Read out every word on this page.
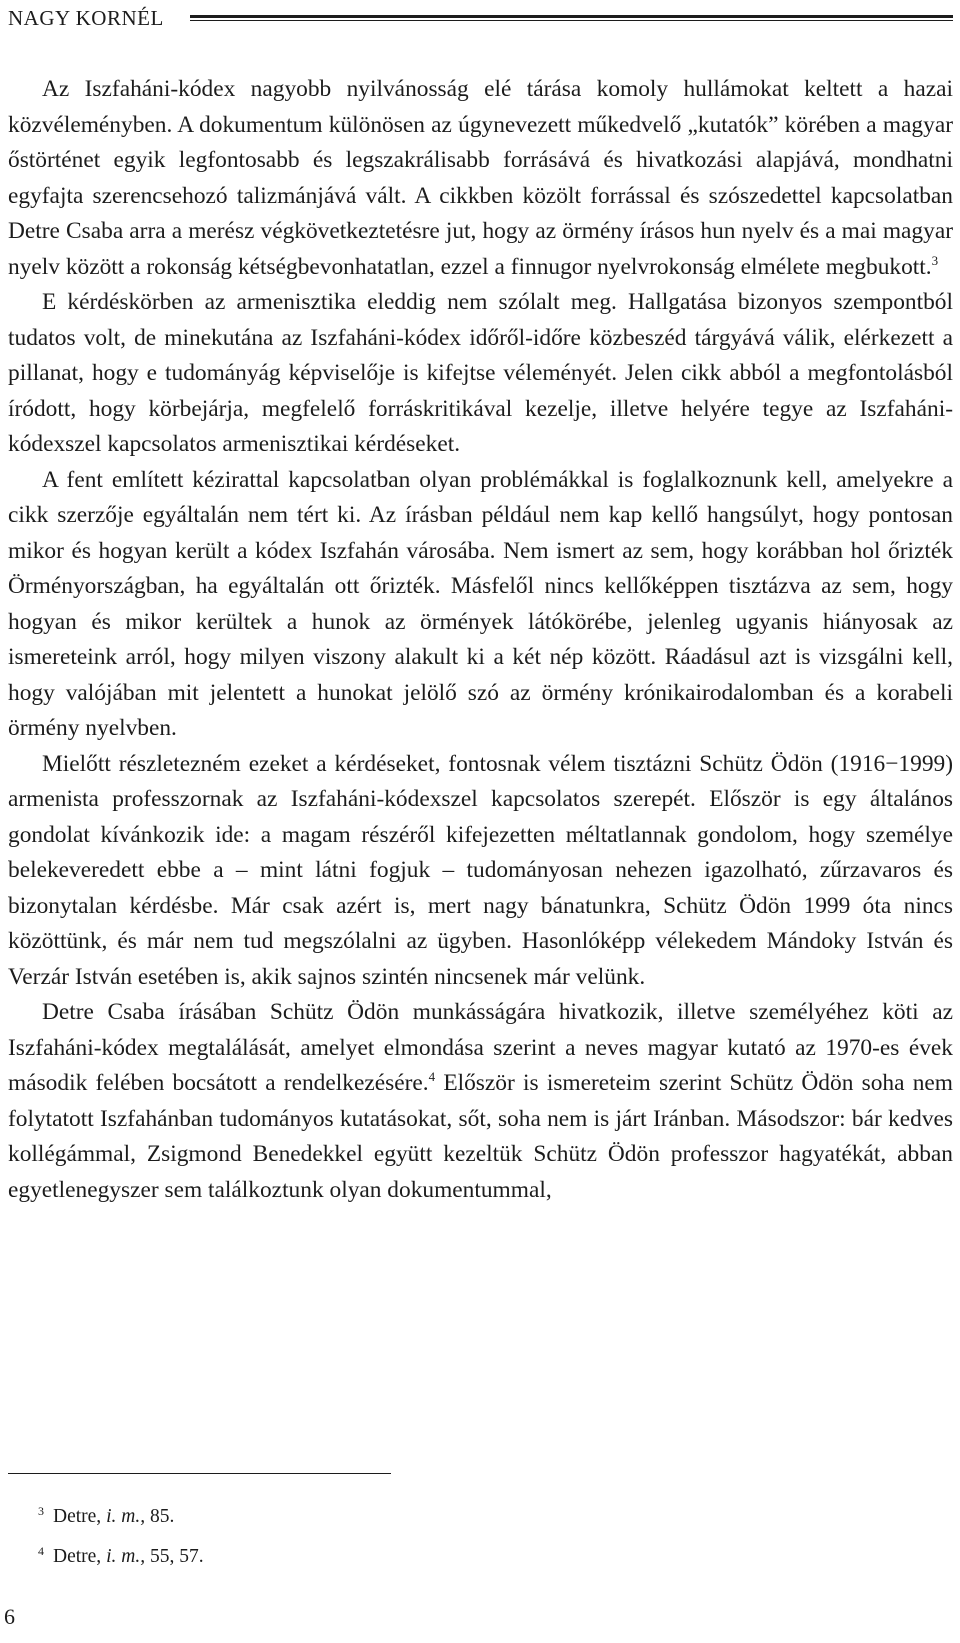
NAGY KORNÉL

Az Iszfaháni-kódex nagyobb nyilvánosság elé tárása komoly hullámokat keltett a hazai közvéleményben. A dokumentum különösen az úgynevezett műkedvelő „kutatók” körében a magyar őstörténet egyik legfontosabb és legszakrálisabb forrásává és hivatkozási alapjává, mondhatni egyfajta szerencsehozó talizmánjává vált. A cikkben közölt forrással és szószedettel kapcsolatban Detre Csaba arra a merész végkövetkeztetésre jut, hogy az örmény írásos hun nyelv és a mai magyar nyelv között a rokonság kétségbevonhatatlan, ezzel a finnugor nyelvrokonság elmélete megbukott.$^3$

E kérdéskörben az armenisztika eleddig nem szólalt meg. Hallgatása bizonyos szempontból tudatos volt, de minekutána az Iszfaháni-kódex időről-időre közbeszéd tárgyává válik, elérkezett a pillanat, hogy e tudományág képviselője is kifejtse véleményét. Jelen cikk abból a megfontolásból íródott, hogy körbejárja, megfelelő forráskritikával kezelje, illetve helyére tegye az Iszfaháni-kódexszel kapcsolatos armenisztikai kérdéseket.

A fent említett kézirattal kapcsolatban olyan problémákkal is foglalkoznunk kell, amelyekre a cikk szerzője egyáltalán nem tért ki. Az írásban például nem kap kellő hangsúlyt, hogy pontosan mikor és hogyan került a kódex Iszfahán városába. Nem ismert az sem, hogy korábban hol őrizték Örményországban, ha egyáltalán ott őrizték. Másfelől nincs kellőképpen tisztázva az sem, hogy hogyan és mikor kerültek a hunok az örmények látókörébe, jelenleg ugyanis hiányosak az ismereteink arról, hogy milyen viszony alakult ki a két nép között. Ráadásul azt is vizsgálni kell, hogy valójában mit jelentett a hunokat jelölő szó az örmény krónikairodalomban és a korabeli örmény nyelvben.

Mielőtt részletezném ezeket a kérdéseket, fontosnak vélem tisztázni Schütz Ödön (1916−1999) armenista professzornak az Iszfaháni-kódexszel kapcsolatos szerepét. Először is egy általános gondolat kívánkozik ide: a magam részéről kifejezetten méltatlannak gondolom, hogy személye belekeveredett ebbe a – mint látni fogjuk – tudományosan nehezen igazolható, zűrzavaros és bizonytalan kérdésbe. Már csak azért is, mert nagy bánatunkra, Schütz Ödön 1999 óta nincs közöttünk, és már nem tud megszólalni az ügyben. Hasonlóképp vélekedem Mándoky István és Verzár István esetében is, akik sajnos szintén nincsenek már velünk.

Detre Csaba írásában Schütz Ödön munkásságára hivatkozik, illetve személyéhez köti az Iszfaháni-kódex megtalálását, amelyet elmondása szerint a neves magyar kutató az 1970-es évek második felében bocsátott a rendelkezésére.$^4$ Először is ismereteim szerint Schütz Ödön soha nem folytatott Iszfahánban tudományos kutatásokat, sőt, soha nem is járt Iránban. Másodszor: bár kedves kollégámmal, Zsigmond Benedekkel együtt kezeltük Schütz Ödön professzor hagyatékát, abban egyetlenegyszer sem találkoztunk olyan dokumentummal,

$^3$ Detre, i. m., 85.
$^4$ Detre, i. m., 55, 57.
6
